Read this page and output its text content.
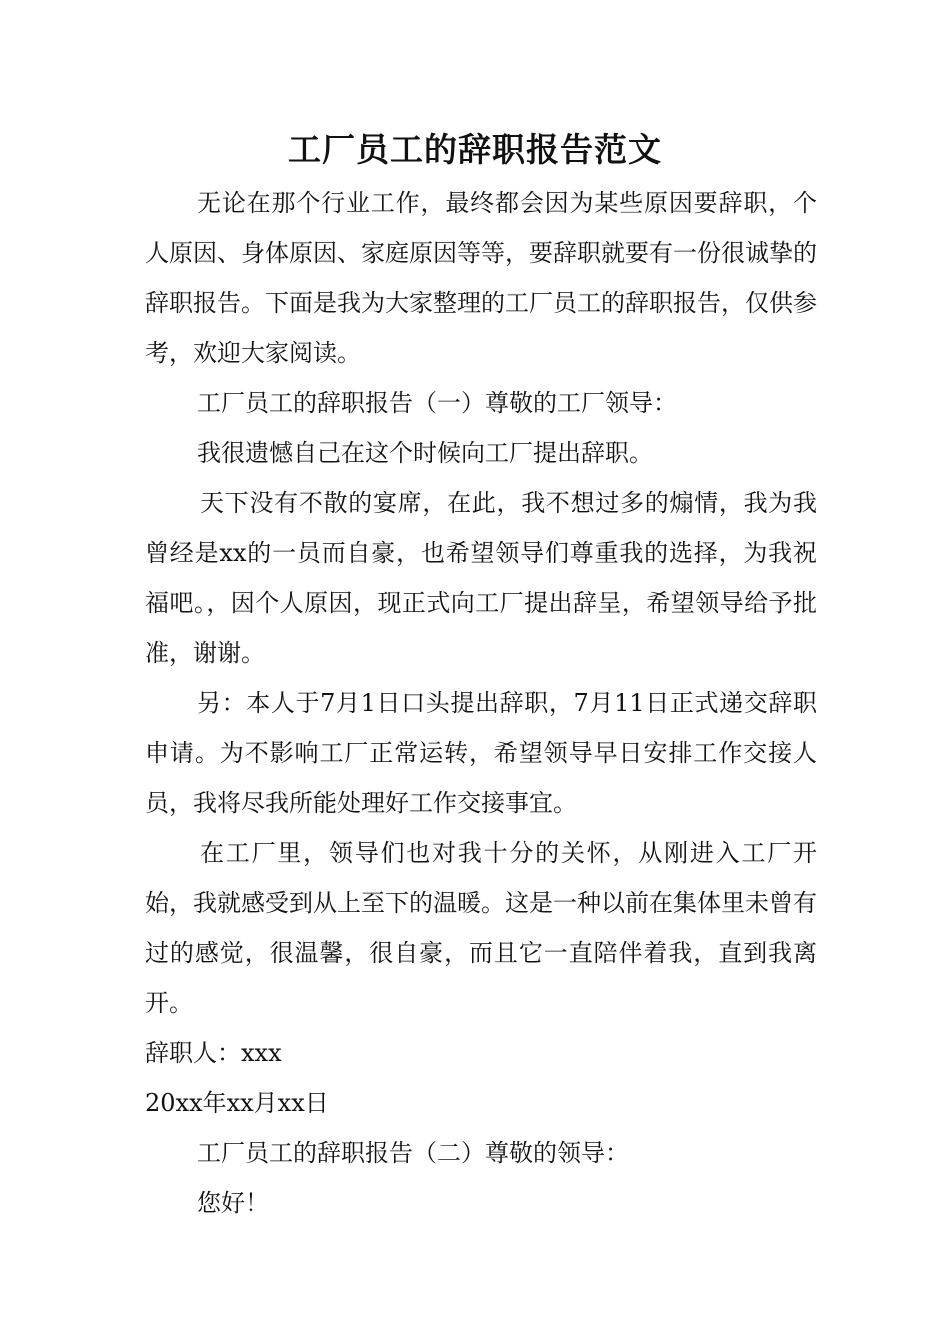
工厂员工的辞职报告范文

无论在那个行业工作，最终都会因为某些原因要辞职，个人原因、身体原因、家庭原因等等，要辞职就要有一份很诚挚的辞职报告。下面是我为大家整理的工厂员工的辞职报告，仅供参考，欢迎大家阅读。

工厂员工的辞职报告（一）尊敬的工厂领导：

我很遗憾自己在这个时候向工厂提出辞职。

天下没有不散的宴席，在此，我不想过多的煽情，我为我曾经是xx的一员而自豪，也希望领导们尊重我的选择，为我祝福吧。，因个人原因，现正式向工厂提出辞呈，希望领导给予批准，谢谢。

另：本人于7月1日口头提出辞职，7月11日正式递交辞职申请。为不影响工厂正常运转，希望领导早日安排工作交接人员，我将尽我所能处理好工作交接事宜。

在工厂里，领导们也对我十分的关怀，从刚进入工厂开始，我就感受到从上至下的温暖。这是一种以前在集体里未曾有过的感觉，很温馨，很自豪，而且它一直陪伴着我，直到我离开。

辞职人：xxx

20xx年xx月xx日

工厂员工的辞职报告（二）尊敬的领导：

您好！
